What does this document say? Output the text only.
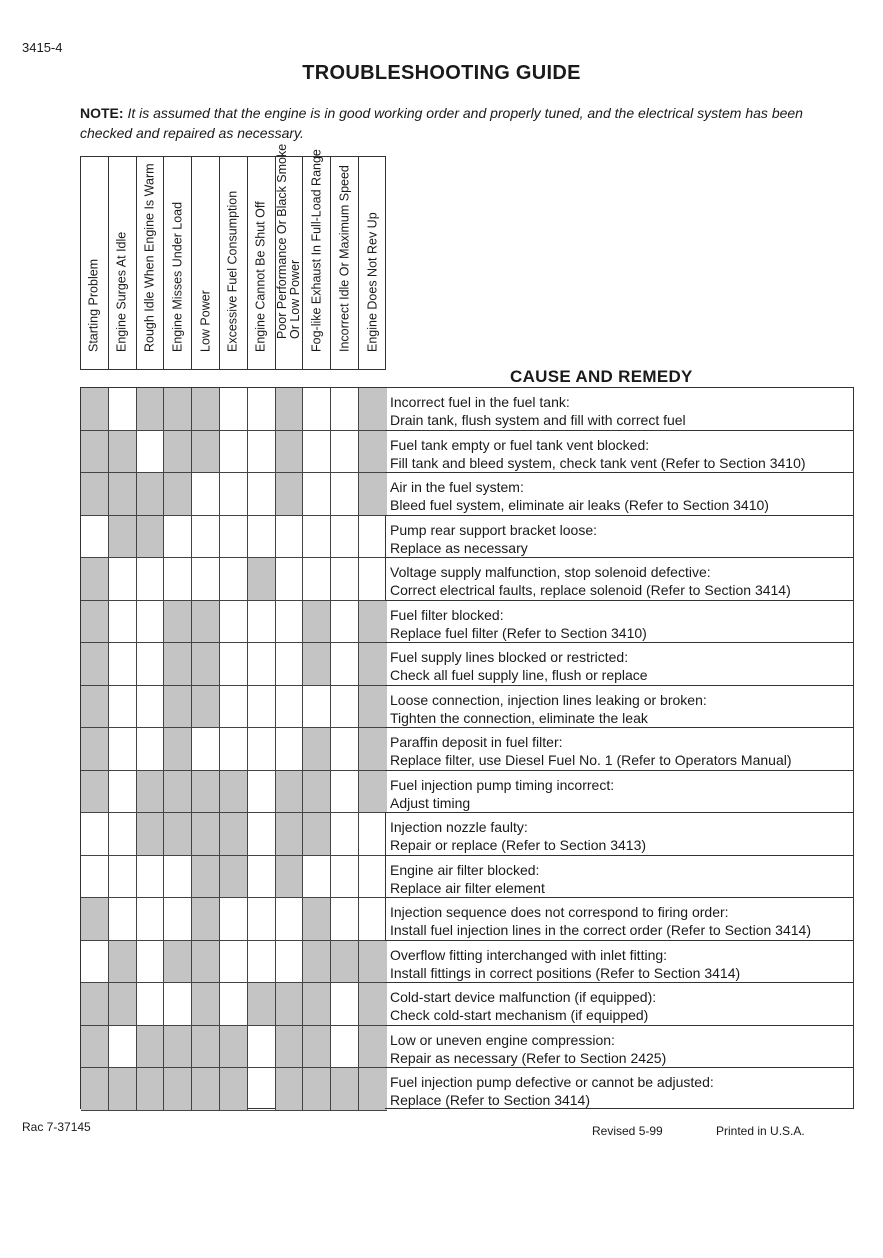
3415-4
TROUBLESHOOTING GUIDE
NOTE: It is assumed that the engine is in good working order and properly tuned, and the electrical system has been
checked and repaired as necessary.
Starting Problem Engine Surges At Idle Rough Idle When Engine Is Warm Engine Misses Under Load Low Power Excessive Fuel Consumption Engine Cannot Be Shut Off Poor Performance Or Black Smoke Or Low Power Fog-like Exhaust In Full-Load Range Incorrect Idle Or Maximum Speed Engine Does Not Rev Up
CAUSE AND REMEDY
Incorrect fuel in the fuel tank:
Drain tank, flush system and fill with correct fuel
Fuel tank empty or fuel tank vent blocked:
Fill tank and bleed system, check tank vent (Refer to Section 3410)
Air in the fuel system:
Bleed fuel system, eliminate air leaks (Refer to Section 3410)
Pump rear support bracket loose:
Replace as necessary
Voltage supply malfunction, stop solenoid defective:
Correct electrical faults, replace solenoid (Refer to Section 3414)
Fuel filter blocked:
Replace fuel filter (Refer to Section 3410)
Fuel supply lines blocked or restricted:
Check all fuel supply line, flush or replace
Loose connection, injection lines leaking or broken:
Tighten the connection, eliminate the leak
Paraffin deposit in fuel filter:
Replace filter, use Diesel Fuel No. 1 (Refer to Operators Manual)
Fuel injection pump timing incorrect:
Adjust timing
Injection nozzle faulty:
Repair or replace (Refer to Section 3413)
Engine air filter blocked:
Replace air filter element
Injection sequence does not correspond to firing order:
Install fuel injection lines in the correct order (Refer to Section 3414)
Overflow fitting interchanged with inlet fitting:
Install fittings in correct positions (Refer to Section 3414)
Cold-start device malfunction (if equipped):
Check cold-start mechanism (if equipped)
Low or uneven engine compression:
Repair as necessary (Refer to Section 2425)
Fuel injection pump defective or cannot be adjusted:
Replace (Refer to Section 3414)
Rac 7-37145	Revised 5-99	Printed in U.S.A.
